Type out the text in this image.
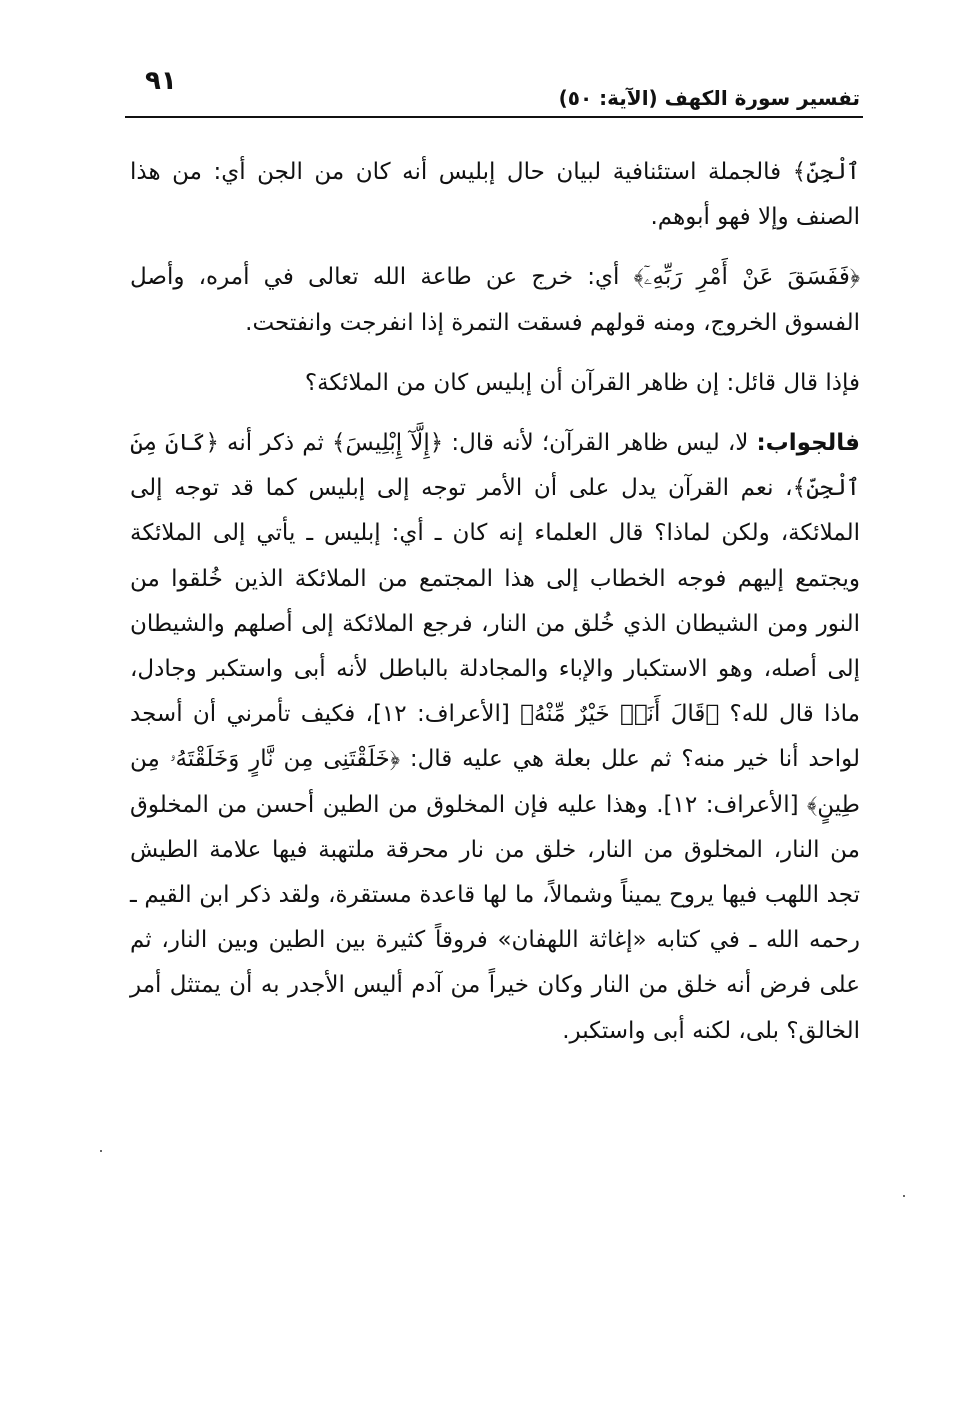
تفسير سورة الكهف (الآية: ٥٠)
٩١

ٱلْجِنِّ﴾ فالجملة استئنافية لبيان حال إبليس أنه كان من الجن أي: من هذا الصنف وإلا فهو أبوهم.

﴿فَفَسَقَ عَنْ أَمْرِ رَبِّهِۦٓ﴾ أي: خرج عن طاعة الله تعالى في أمره، وأصل الفسوق الخروج، ومنه قولهم فسقت التمرة إذا انفرجت وانفتحت.

فإذا قال قائل: إن ظاهر القرآن أن إبليس كان من الملائكة؟

فالجواب: لا، ليس ظاهر القرآن؛ لأنه قال: ﴿إِلَّآ إِبْلِيسَ﴾ ثم ذكر أنه ﴿كَانَ مِنَ ٱلْجِنِّ﴾، نعم القرآن يدل على أن الأمر توجه إلى إبليس كما قد توجه إلى الملائكة، ولكن لماذا؟ قال العلماء إنه كان ـ أي: إبليس ـ يأتي إلى الملائكة ويجتمع إليهم فوجه الخطاب إلى هذا المجتمع من الملائكة الذين خُلقوا من النور ومن الشيطان الذي خُلق من النار، فرجع الملائكة إلى أصلهم والشيطان إلى أصله، وهو الاستكبار والإباء والمجادلة بالباطل لأنه أبى واستكبر وجادل، ماذا قال لله؟ ﴿قَالَ أَنَا۠ خَيْرٌ مِّنْهُ﴾ [الأعراف: ١٢]، فكيف تأمرني أن أسجد لواحد أنا خير منه؟ ثم علل بعلة هي عليه قال: ﴿خَلَقْتَنِى مِن نَّارٍ وَخَلَقْتَهُۥ مِن طِينٍ﴾ [الأعراف: ١٢]. وهذا عليه فإن المخلوق من الطين أحسن من المخلوق من النار، المخلوق من النار، خلق من نار محرقة ملتهبة فيها علامة الطيش تجد اللهب فيها يروح يميناً وشمالاً، ما لها قاعدة مستقرة، ولقد ذكر ابن القيم ـ رحمه الله ـ في كتابه «إغاثة اللهفان» فروقاً كثيرة بين الطين وبين النار، ثم على فرض أنه خلق من النار وكان خيراً من آدم أليس الأجدر به أن يمتثل أمر الخالق؟ بلى، لكنه أبى واستكبر.
